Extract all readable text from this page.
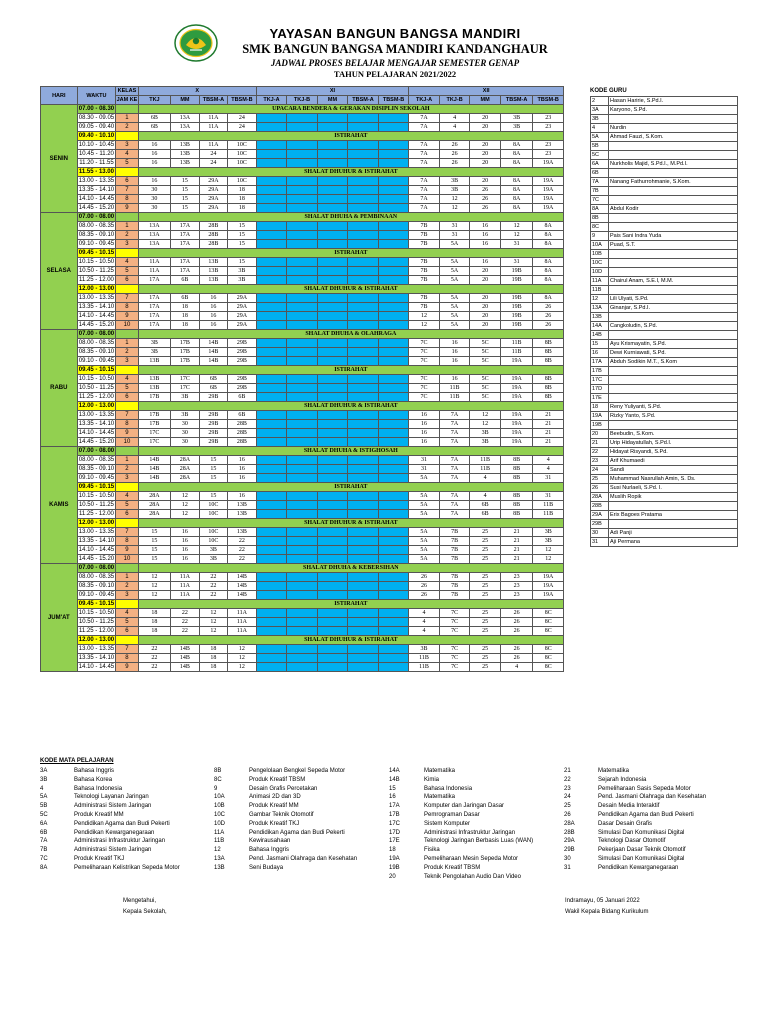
YAYASAN BANGUN BANGSA MANDIRI
SMK BANGUN BANGSA MANDIRI KANDANGHAUR
JADWAL PROSES BELAJAR MENGAJAR SEMESTER GENAP
TAHUN PELAJARAN 2021/2022
HARI	WAKTU	KELAS	X				XI					XII				
		JAM KE	TKJ	MM	TBSM-A	TBSM-B	TKJ-A	TKJ-B	MM	TBSM-A	TBSM-B	TKJ-A	TKJ-B	MM	TBSM-A	TBSM-B
SENIN	07.00 - 08.30		UPACARA BENDERA & GERAKAN DISIPLIN SEKOLAH													
	08.30 - 09.05	1	6B	13A	11A	24						7A	4	20	3B	23
	09.05 - 09.40	2	6B	13A	11A	24						7A	4	20	3B	23
	09.40 - 10.10		ISTIRAHAT													
	10.10 - 10.45	3	16	13B	11A	10C						7A	26	20	8A	23
	10.45 - 11.20	4	16	13B	24	10C						7A	26	20	8A	23
	11.20 - 11.55	5	16	13B	24	10C						7A	26	20	8A	19A
	11.55 - 13.00		SHALAT DHUHUR & ISTIRAHAT													
	13.00 - 13.35	6	16	15	29A	10C						7A	3B	20	8A	19A
	13.35 - 14.10	7	30	15	29A	18						7A	3B	26	8A	19A
	14.10 - 14.45	8	30	15	29A	18						7A	12	26	8A	19A
	14.45 - 15.20	9	30	15	29A	18						7A	12	26	8A	19A
SELASA	07.00 - 08.00		SHALAT DHUHA & PEMBINAAN													
	08.00 - 08.35	1	13A	17A	28B	15						7B	31	16	12	8A
	08.35 - 09.10	2	13A	17A	28B	15						7B	31	16	12	8A
	09.10 - 09.45	3	13A	17A	28B	15						7B	5A	16	31	8A
	09.45 - 10.15		ISTIRAHAT													
	10.15 - 10.50	4	11A	17A	13B	15						7B	5A	16	31	8A
	10.50 - 11.25	5	11A	17A	13B	3B						7B	5A	20	19B	8A
	11.25 - 12.00	6	17A	6B	13B	3B						7B	5A	20	19B	8A
	12.00 - 13.00		SHALAT DHUHUR & ISTIRAHAT													
	13.00 - 13.35	7	17A	6B	16	29A						7B	5A	20	19B	8A
	13.35 - 14.10	8	17A	18	16	29A						7B	5A	20	19B	26
	14.10 - 14.45	9	17A	18	16	29A						12	5A	20	19B	26
	14.45 - 15.20	10	17A	18	16	29A						12	5A	20	19B	26
RABU	07.00 - 08.00		SHALAT DHUHA & OLAHRAGA													
	08.00 - 08.35	1	3B	17B	14B	29B						7C	16	5C	11B	8B
	08.35 - 09.10	2	3B	17B	14B	29B						7C	16	5C	11B	8B
	09.10 - 09.45	3	13B	17B	14B	29B						7C	16	5C	19A	8B
	09.45 - 10.15		ISTIRAHAT													
	10.15 - 10.50	4	13B	17C	6B	29B						7C	16	5C	19A	8B
	10.50 - 11.25	5	13B	17C	6B	29B						7C	11B	5C	19A	8B
	11.25 - 12.00	6	17B	3B	29B	6B						7C	11B	5C	19A	8B
	12.00 - 13.00		SHALAT DHUHUR & ISTIRAHAT													
	13.00 - 13.35	7	17B	3B	29B	6B						16	7A	12	19A	21
	13.35 - 14.10	8	17B	30	29B	28B						16	7A	12	19A	21
	14.10 - 14.45	9	17C	30	29B	28B						16	7A	3B	19A	21
	14.45 - 15.20	10	17C	30	29B	28B						16	7A	3B	19A	21
KAMIS	07.00 - 08.00		SHALAT DHUHA & ISTIGHOSAH													
	08.00 - 08.35	1	14B	28A	15	16						31	7A	11B	8B	4
	08.35 - 09.10	2	14B	28A	15	16						31	7A	11B	8B	4
	09.10 - 09.45	3	14B	28A	15	16						5A	7A	4	8B	31
	09.45 - 10.15		ISTIRAHAT													
	10.15 - 10.50	4	28A	12	15	16						5A	7A	4	8B	31
	10.50 - 11.25	5	28A	12	10C	13B						5A	7A	6B	8B	11B
	11.25 - 12.00	6	28A	12	10C	13B						5A	7A	6B	8B	11B
	12.00 - 13.00		SHALAT DHUHUR & ISTIRAHAT													
	13.00 - 13.35	7	15	16	10C	13B						5A	7B	25	21	3B
	13.35 - 14.10	8	15	16	10C	22						5A	7B	25	21	3B
	14.10 - 14.45	9	15	16	3B	22						5A	7B	25	21	12
	14.45 - 15.20	10	15	16	3B	22						5A	7B	25	21	12
JUM'AT	07.00 - 08.00		SHALAT DHUHA & KEBERSIHAN													
	08.00 - 08.35	1	12	11A	22	14B						26	7B	25	23	19A
	08.35 - 09.10	2	12	11A	22	14B						26	7B	25	23	19A
	09.10 - 09.45	3	12	11A	22	14B						26	7B	25	23	19A
	09.45 - 10.15		ISTIRAHAT													
	10.15 - 10.50	4	18	22	12	11A						4	7C	25	26	8C
	10.50 - 11.25	5	18	22	12	11A						4	7C	25	26	8C
	11.25 - 12.00	6	18	22	12	11A						4	7C	25	26	8C
	12.00 - 13.00		SHALAT DHUHUR & ISTIRAHAT													
	13.00 - 13.35	7	22	14B	18	12						3B	7C	25	26	8C
	13.35 - 14.10	8	22	14B	18	12						11B	7C	25	26	8C
	14.10 - 14.45	9	22	14B	18	12						11B	7C	25	4	8C
KODE GURU
2	Hasan Haririe, S.Pd.I.
3A	Karyono, S.Pd.
3B	
4	Nurdin
5A	Ahmad Fauzi, S.Kom.
5B	
5C	
6A	Nurkholis Majid, S.Pd.I., M.Pd.I.
6B	
7A	Nanang Fathurrohmanie, S.Kom.
7B	
7C	
8A	Abdul Kodir
8B	
8C	
9	Pais Sani Indra Yuda
10A	Puad, S.T.
10B	
10C	
10D	
11A	Chairul Anam, S.E.I, M.M.
11B	
12	Lili Ulyati, S.Pd.
13A	Ginanjar, S.Pd.I.
13B	
14A	Cangkoludin, S.Pd.
14B	
15	Ayu Krismayatin, S.Pd.
16	Dewi Kurniawati, S.Pd.
17A	Abduh Sodikin M.T., S.Kom
17B	
17C	
17D	
17E	
18	Reny Yuliyanti, S.Pd.
19A	Rizky Yanto, S.Pd.
19B	
20	Beebudin, S.Kom.
21	Urip Hidayatullah, S.Pd.I.
22	Hidayat Risyandi, S.Pd.
23	Arif Khumaedi
24	Sandi
25	Muhammad Nasrullah Amin, S. Ds.
26	Susi Nurlaeli, S.Pd. I.
28A	Muslih Ropik
28B	
29A	Erix Bagoes Pratama
29B	
30	Adi Panji
31	Aji Permana
KODE MATA PELAJARAN
3A	Bahasa Inggris
3B	Bahasa Korea
4	Bahasa Indonesia
5A	Teknologi Layanan Jaringan
5B	Administrasi Sistem Jaringan
5C	Produk Kreatif MM
6A	Pendidikan Agama dan Budi Pekerti
6B	Pendidikan Kewarganegaraan
7A	Administrasi Infrastruktur Jaringan
7B	Administrasi Sistem Jaringan
7C	Produk Kreatif TKJ
8A	Pemeliharaan Kelistrikan Sepeda Motor
8B	Pengelolaan Bengkel Sepeda Motor
8C	Produk Kreatif TBSM
9	Desain Grafis Percetakan
10A	Animasi 2D dan 3D
10B	Produk Kreatif MM
10C	Gambar Teknik Otomotif
10D	Produk Kreatif TKJ
11A	Pendidikan Agama dan Budi Pekerti
11B	Kewirausahaan
12	Bahasa Inggris
13A	Pend. Jasmani Olahraga dan Kesehatan
13B	Seni Budaya
14A	Matematika
14B	Kimia
15	Bahasa Indonesia
16	Matematika
17A	Komputer dan Jaringan Dasar
17B	Pemrograman Dasar
17C	Sistem Komputer
17D	Administrasi Infrastruktur Jaringan
17E	Teknologi Jaringan Berbasis Luas (WAN)
18	Fisika
19A	Pemeliharaan Mesin Sepeda Motor
19B	Produk Kreatif TBSM
20	Teknik Pengolahan Audio Dan Video
21	Matematika
22	Sejarah Indonesia
23	Pemeliharaan Sasis Sepeda Motor
24	Pend. Jasmani Olahraga dan Kesehatan
25	Desain Media Interaktif
26	Pendidikan Agama dan Budi Pekerti
28A	Dasar Desain Grafis
28B	Simulasi Dan Komunikasi Digital
29A	Teknologi Dasar Otomotif
29B	Pekerjaan Dasar Teknik Otomotif
30	Simulasi Dan Komunikasi Digital
31	Pendidikan Kewarganegaraan
Mengetahui,
Kepala Sekolah,
Indramayu, 05 Januari 2022
Wakil Kepala Bidang Kurikulum
